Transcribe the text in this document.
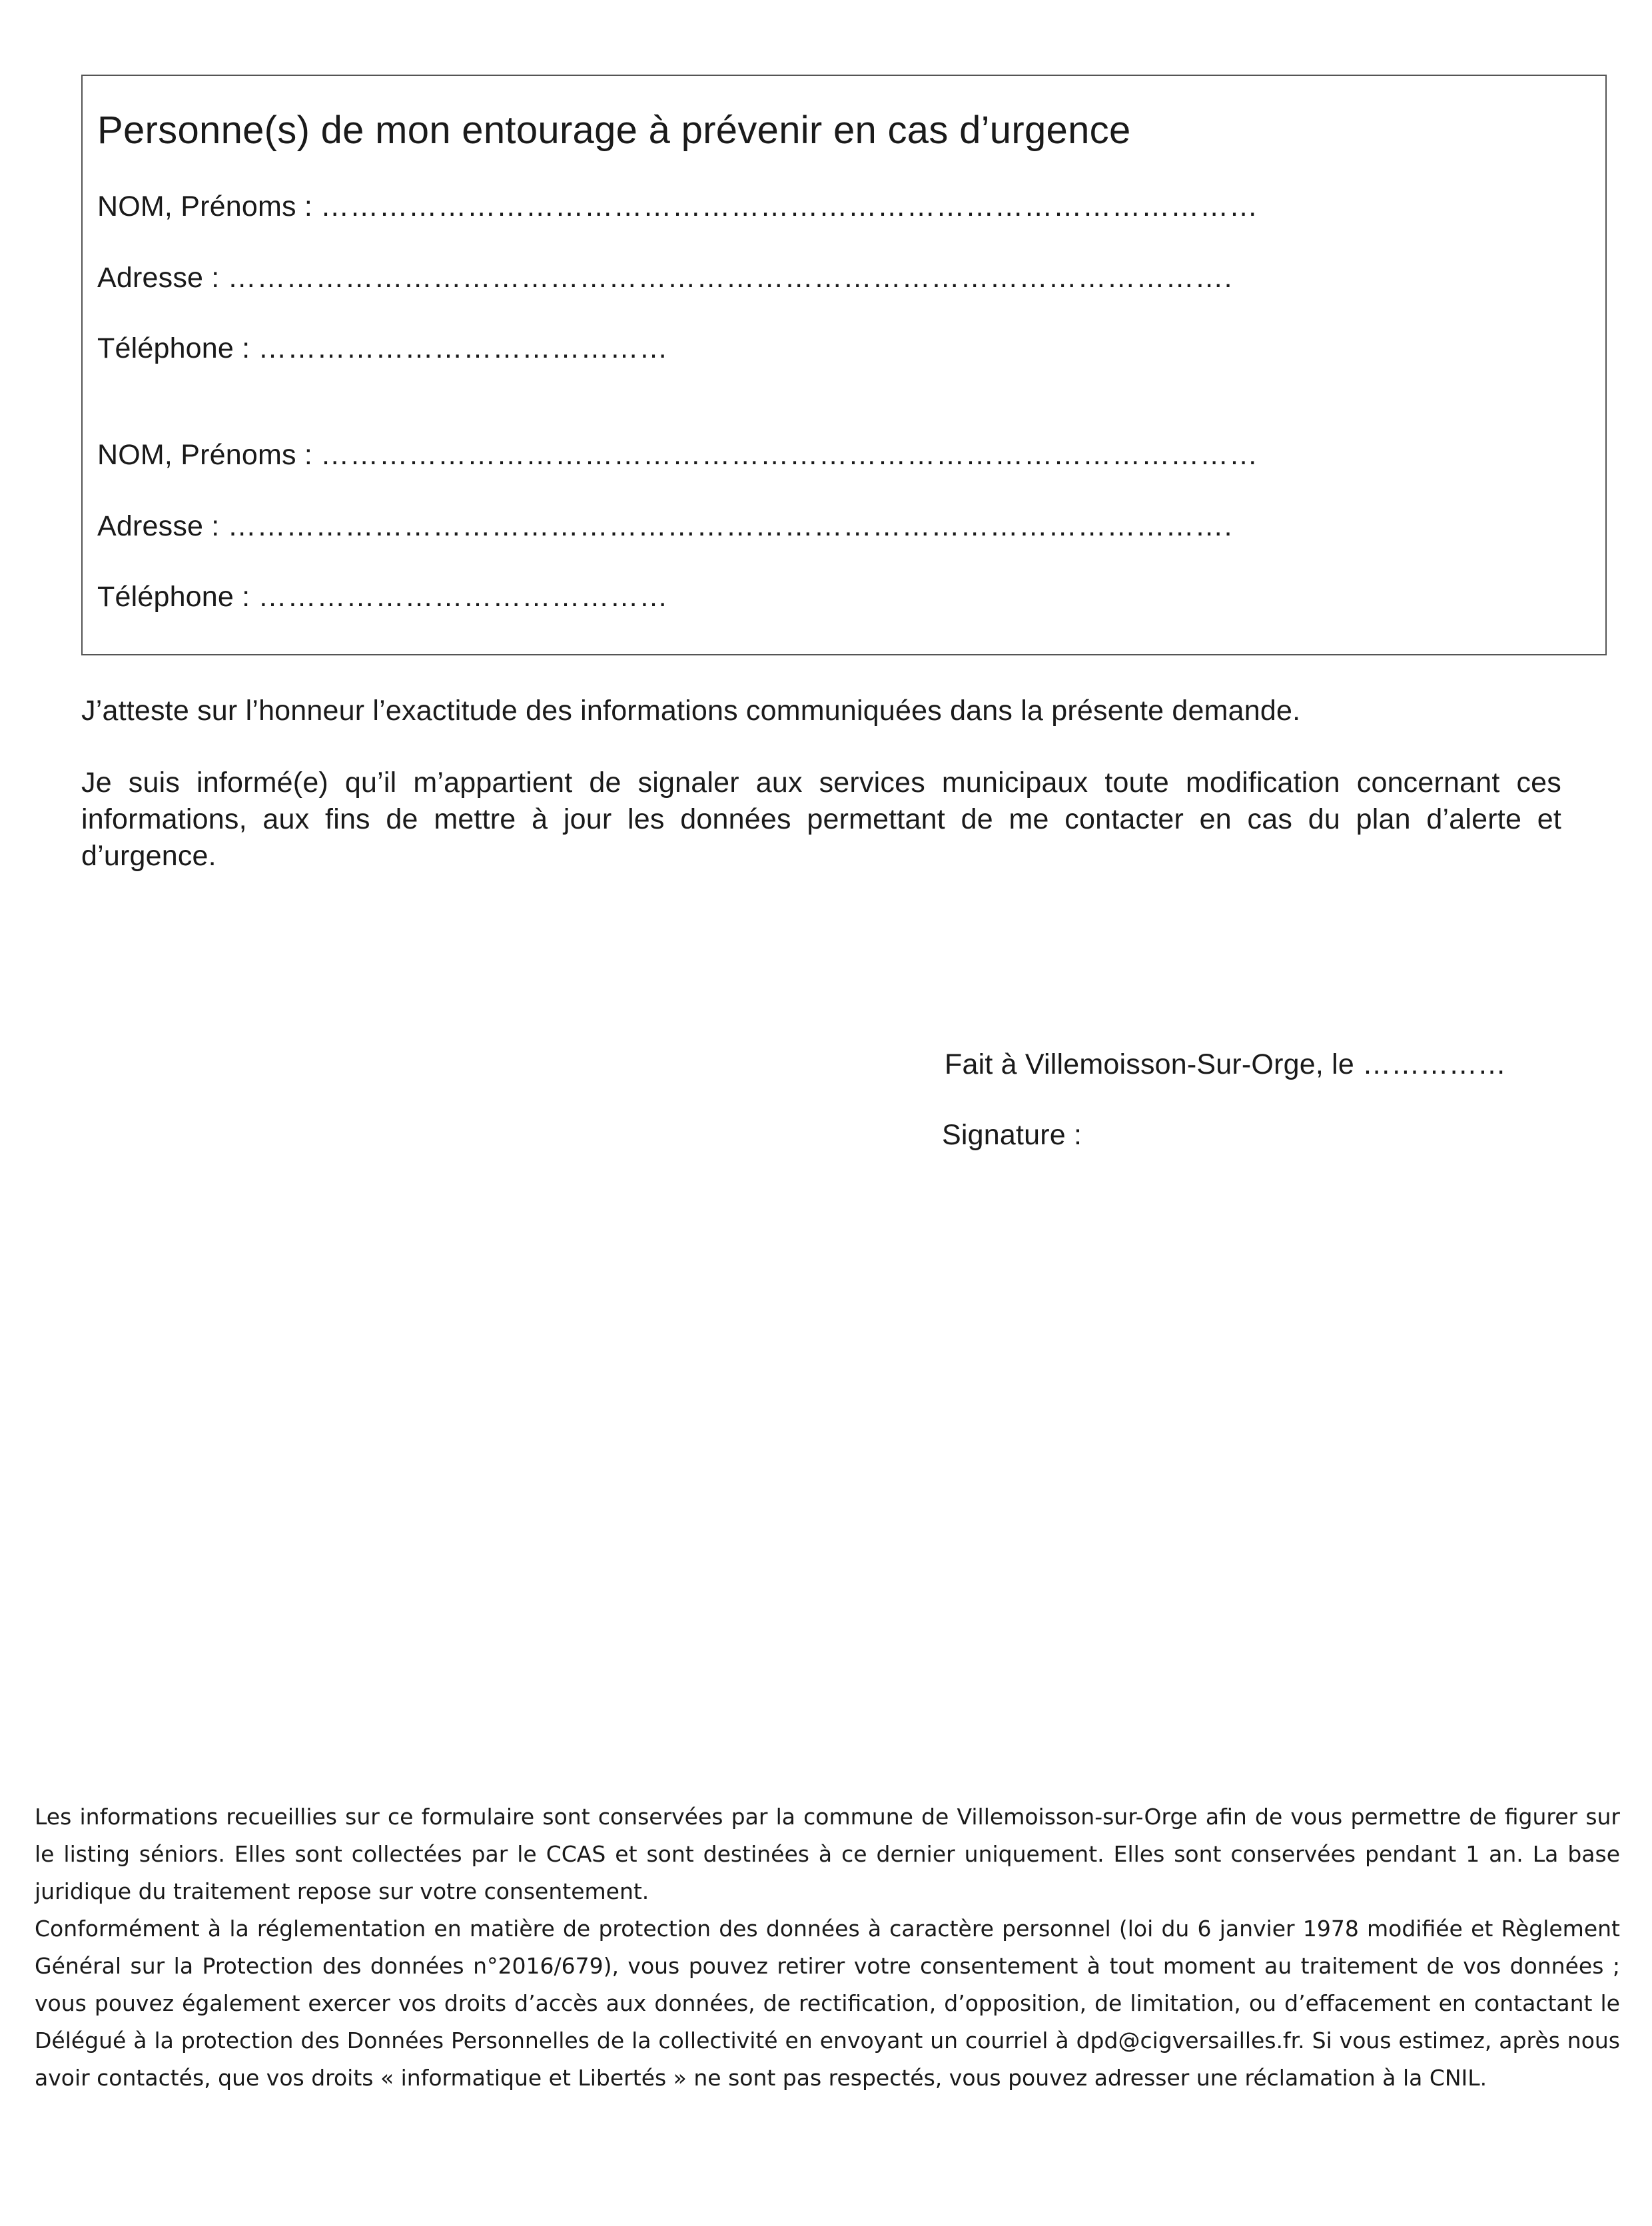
Personne(s) de mon entourage à prévenir en cas d’urgence
NOM, Prénoms : ……………………………………………………………………………………
Adresse : ………………………………………………………………………………………….
Téléphone : ……………………………………
NOM, Prénoms : ……………………………………………………………………………………
Adresse : ………………………………………………………………………………………….
Téléphone : ……………………………………

J’atteste sur l’honneur l’exactitude des informations communiquées dans la présente demande.

Je suis informé(e) qu’il m’appartient de signaler aux services municipaux toute modification concernant ces informations, aux fins de mettre à jour les données permettant de me contacter en cas du plan d’alerte et d’urgence.

Fait à Villemoisson-Sur-Orge, le ……………
Signature :

Les informations recueillies sur ce formulaire sont conservées par la commune de Villemoisson-sur-Orge afin de vous permettre de figurer sur le listing séniors. Elles sont collectées par le CCAS et sont destinées à ce dernier uniquement. Elles sont conservées pendant 1 an. La base juridique du traitement repose sur votre consentement.

Conformément à la réglementation en matière de protection des données à caractère personnel (loi du 6 janvier 1978 modifiée et Règlement Général sur la Protection des données n°2016/679), vous pouvez retirer votre consentement à tout moment au traitement de vos données ; vous pouvez également exercer vos droits d’accès aux données, de rectification, d’opposition, de limitation, ou d’effacement en contactant le Délégué à la protection des Données Personnelles de la collectivité en envoyant un courriel à dpd@cigversailles.fr. Si vous estimez, après nous avoir contactés, que vos droits « informatique et Libertés » ne sont pas respectés, vous pouvez adresser une réclamation à la CNIL.
